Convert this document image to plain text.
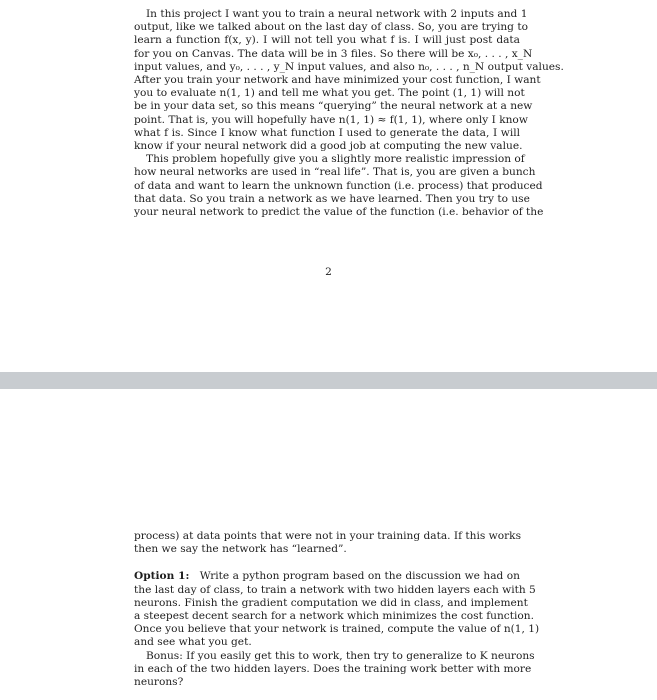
In this project I want you to train a neural network with 2 inputs and 1
output, like we talked about on the last day of class. So, you are trying to
learn a function f(x, y). I will not tell you what f is. I will just post data
for you on Canvas. The data will be in 3 files. So there will be x₀, . . . , x_N
input values, and y₀, . . . , y_N input values, and also n₀, . . . , n_N output values.
After you train your network and have minimized your cost function, I want
you to evaluate n(1, 1) and tell me what you get. The point (1, 1) will not
be in your data set, so this means “querying” the neural network at a new
point. That is, you will hopefully have n(1, 1) ≈ f(1, 1), where only I know
what f is. Since I know what function I used to generate the data, I will
know if your neural network did a good job at computing the new value.
This problem hopefully give you a slightly more realistic impression of
how neural networks are used in “real life”. That is, you are given a bunch
of data and want to learn the unknown function (i.e. process) that produced
that data. So you train a network as we have learned. Then you try to use
your neural network to predict the value of the function (i.e. behavior of the
2
process) at data points that were not in your training data. If this works
then we say the network has “learned”.
Option 1: Write a python program based on the discussion we had on
the last day of class, to train a network with two hidden layers each with 5
neurons. Finish the gradient computation we did in class, and implement
a steepest decent search for a network which minimizes the cost function.
Once you believe that your network is trained, compute the value of n(1, 1)
and see what you get.
Bonus: If you easily get this to work, then try to generalize to K neurons
in each of the two hidden layers. Does the training work better with more
neurons?
